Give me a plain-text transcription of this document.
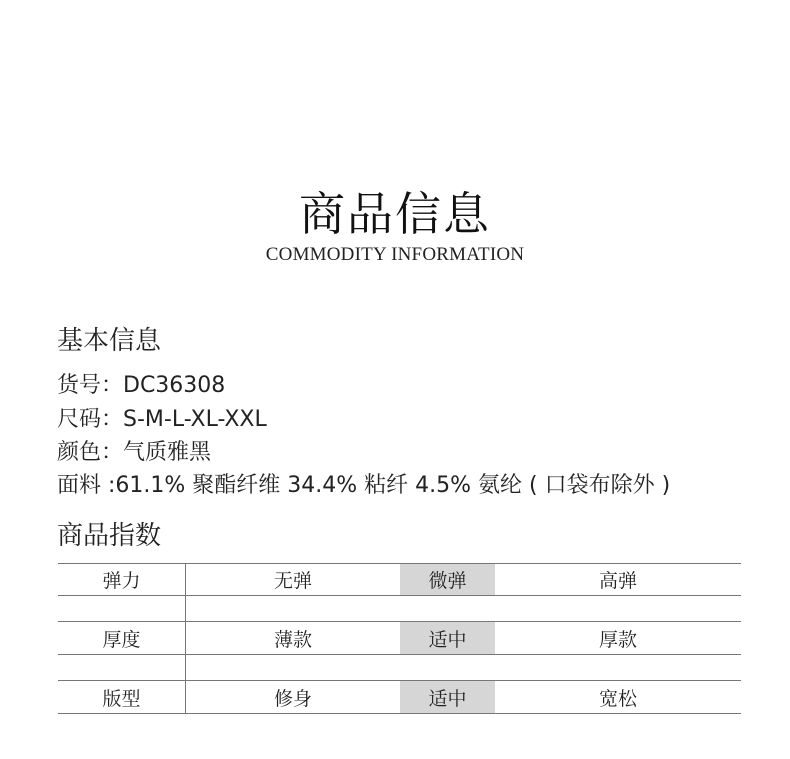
商品信息
COMMODITY INFORMATION
基本信息
货号：DC36308
尺码：S-M-L-XL-XXL
颜色：气质雅黑
面料 :61.1% 聚酯纤维 34.4% 粘纤 4.5% 氨纶 ( 口袋布除外 )
商品指数
弹力	无弹	微弹	高弹
厚度	薄款	适中	厚款
版型	修身	适中	宽松
